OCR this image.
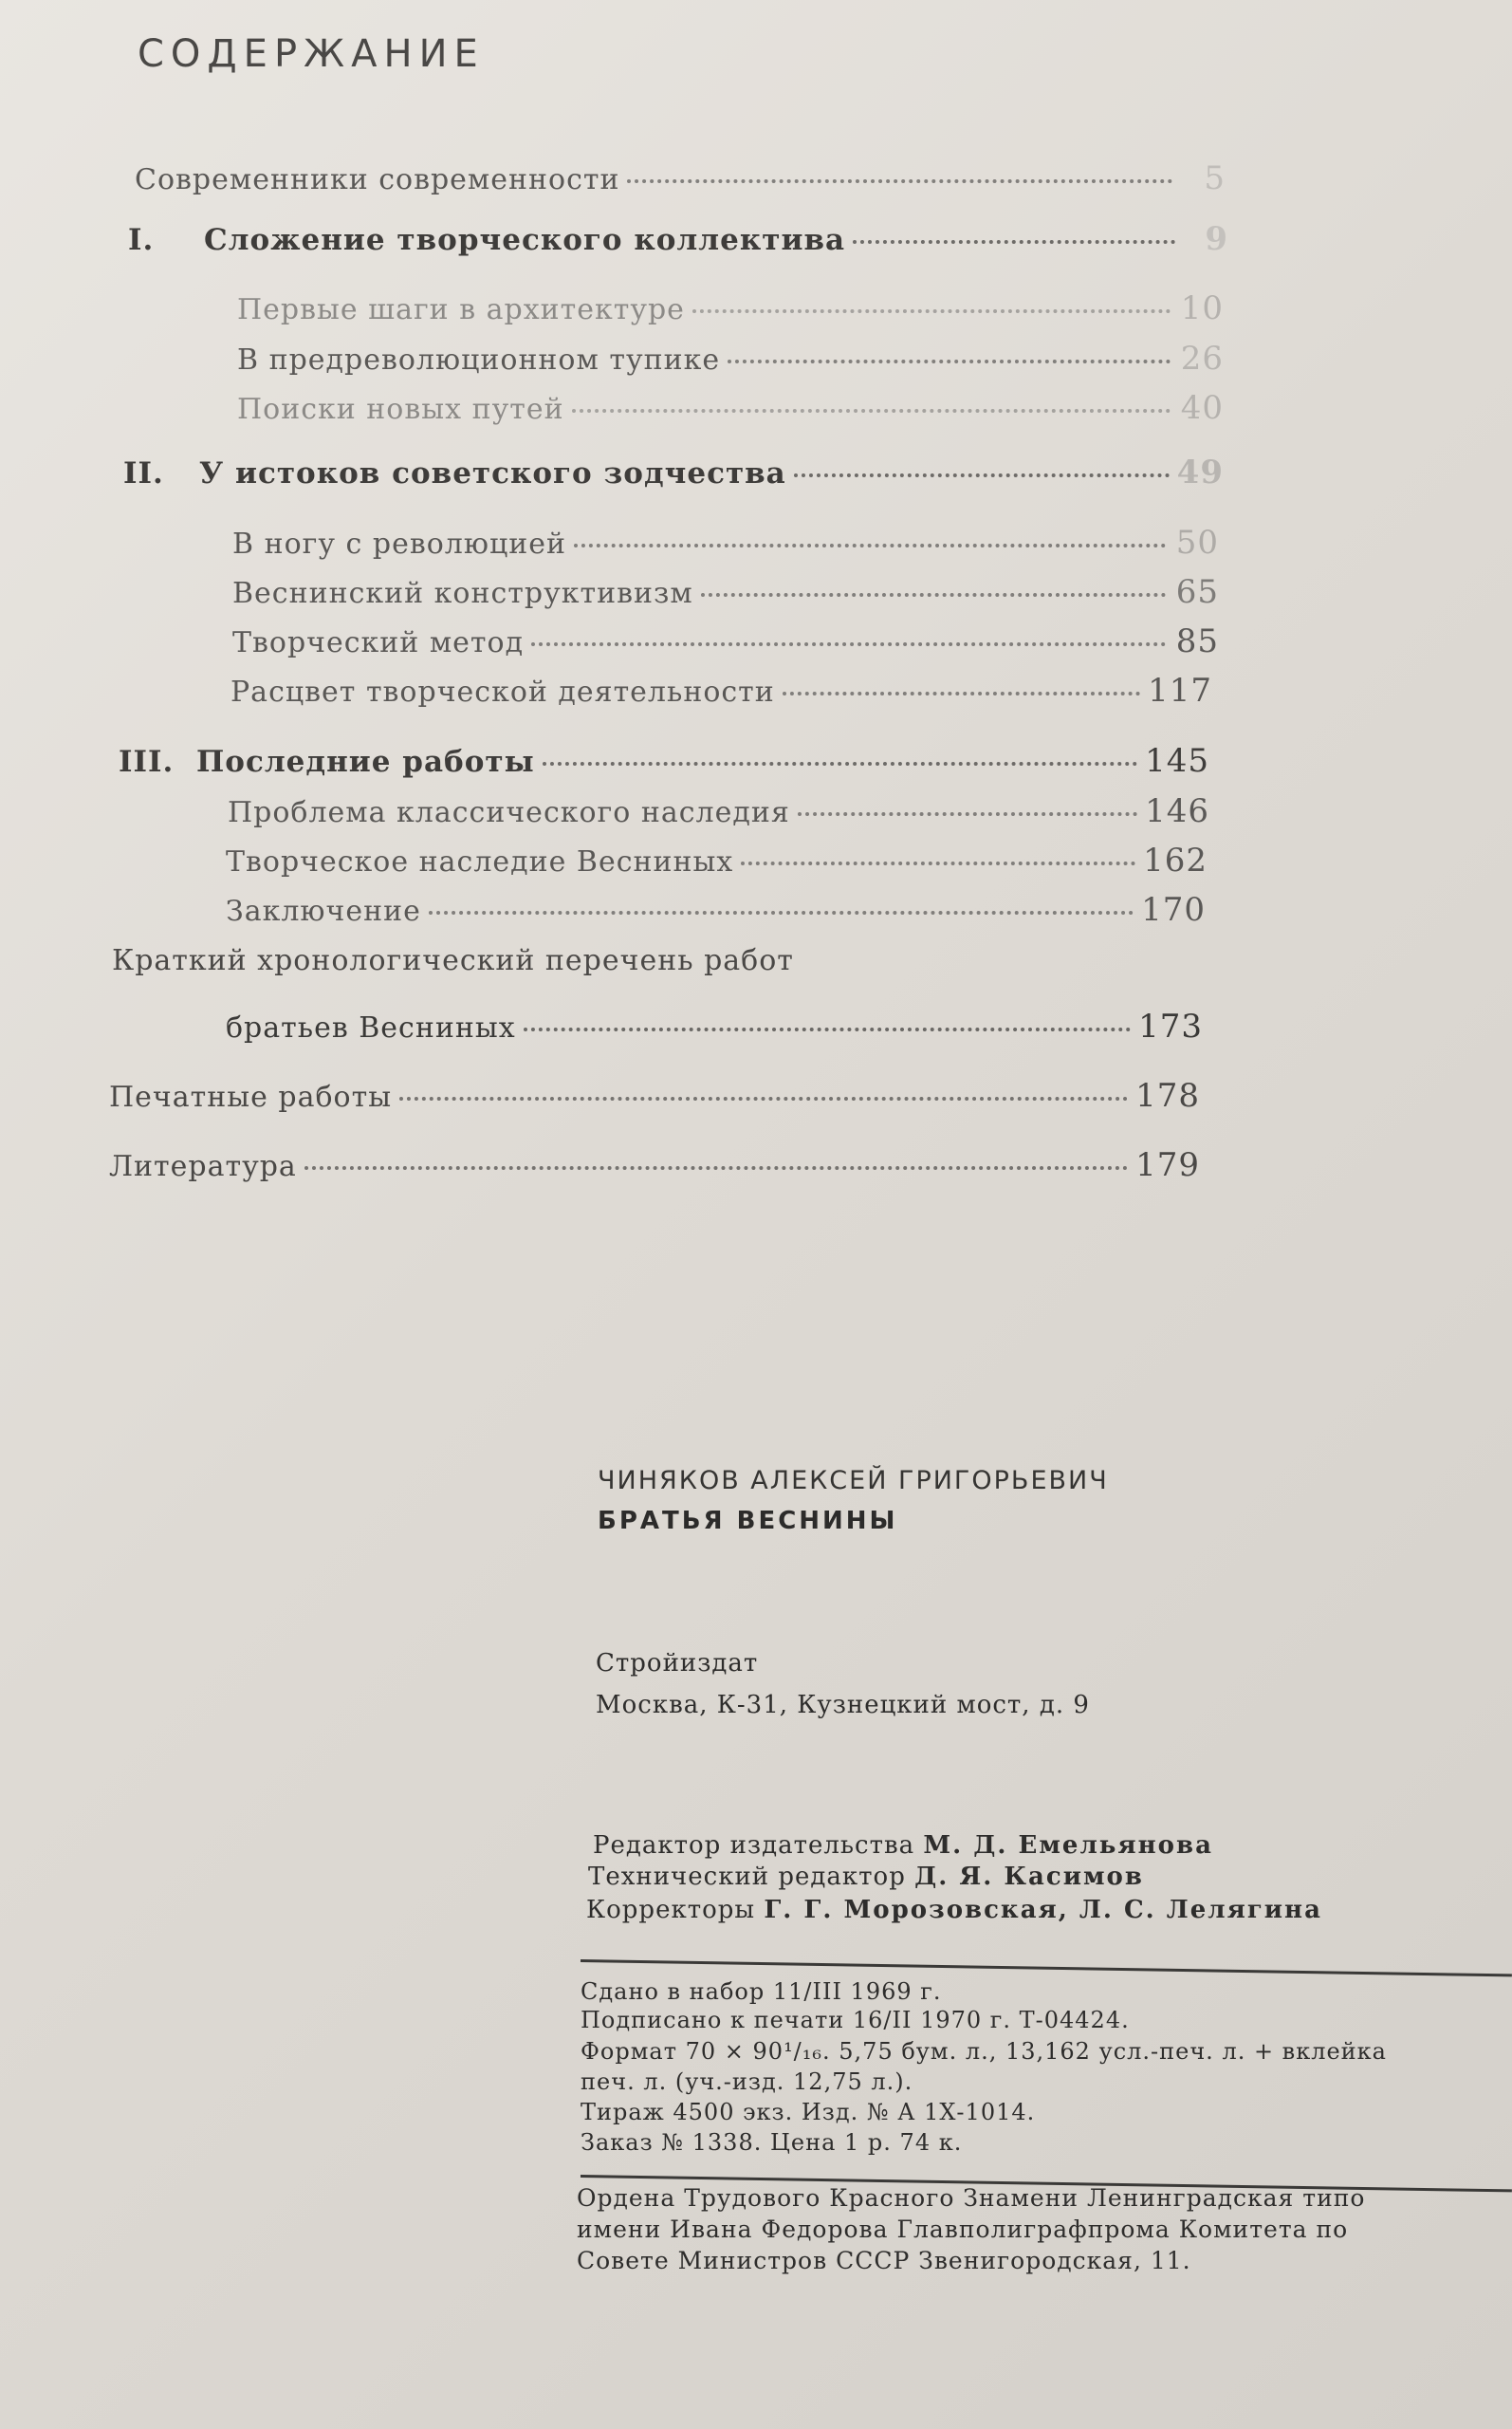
СОДЕРЖАНИЕ
Современники современности	5
I.	Сложение творческого коллектива	9
Первые шаги в архитектуре	10
В предреволюционном тупике	26
Поиски новых путей	40
II.	У истоков советского зодчества	49
В ногу с революцией	50
Веснинский конструктивизм	65
Творческий метод	85
Расцвет творческой деятельности	117
III. Последние работы	145
Проблема классического наследия	146
Творческое наследие Весниных	162
Заключение	170
Краткий хронологический перечень работ
братьев Весниных	173
Печатные работы	178
Литература	179
ЧИНЯКОВ АЛЕКСЕЙ ГРИГОРЬЕВИЧ
БРАТЬЯ ВЕСНИНЫ
Стройиздат
Москва, К-31, Кузнецкий мост, д. 9
Редактор издательства М. Д. Емельянова
Технический редактор Д. Я. Касимов
Корректоры Г. Г. Морозовская, Л. С. Лелягина
Сдано в набор 11/III 1969 г.
Подписано к печати 16/II 1970 г. Т-04424.
Формат 70 × 90¹/₁₆. 5,75 бум. л., 13,162 усл.-печ. л. + вклейка
печ. л. (уч.-изд. 12,75 л.).
Тираж 4500 экз. Изд. № А 1Х-1014.
Заказ № 1338. Цена 1 р. 74 к.
Ордена Трудового Красного Знамени Ленинградская типо
имени Ивана Федорова Главполиграфпрома Комитета по
Совете Министров СССР Звенигородская, 11.
